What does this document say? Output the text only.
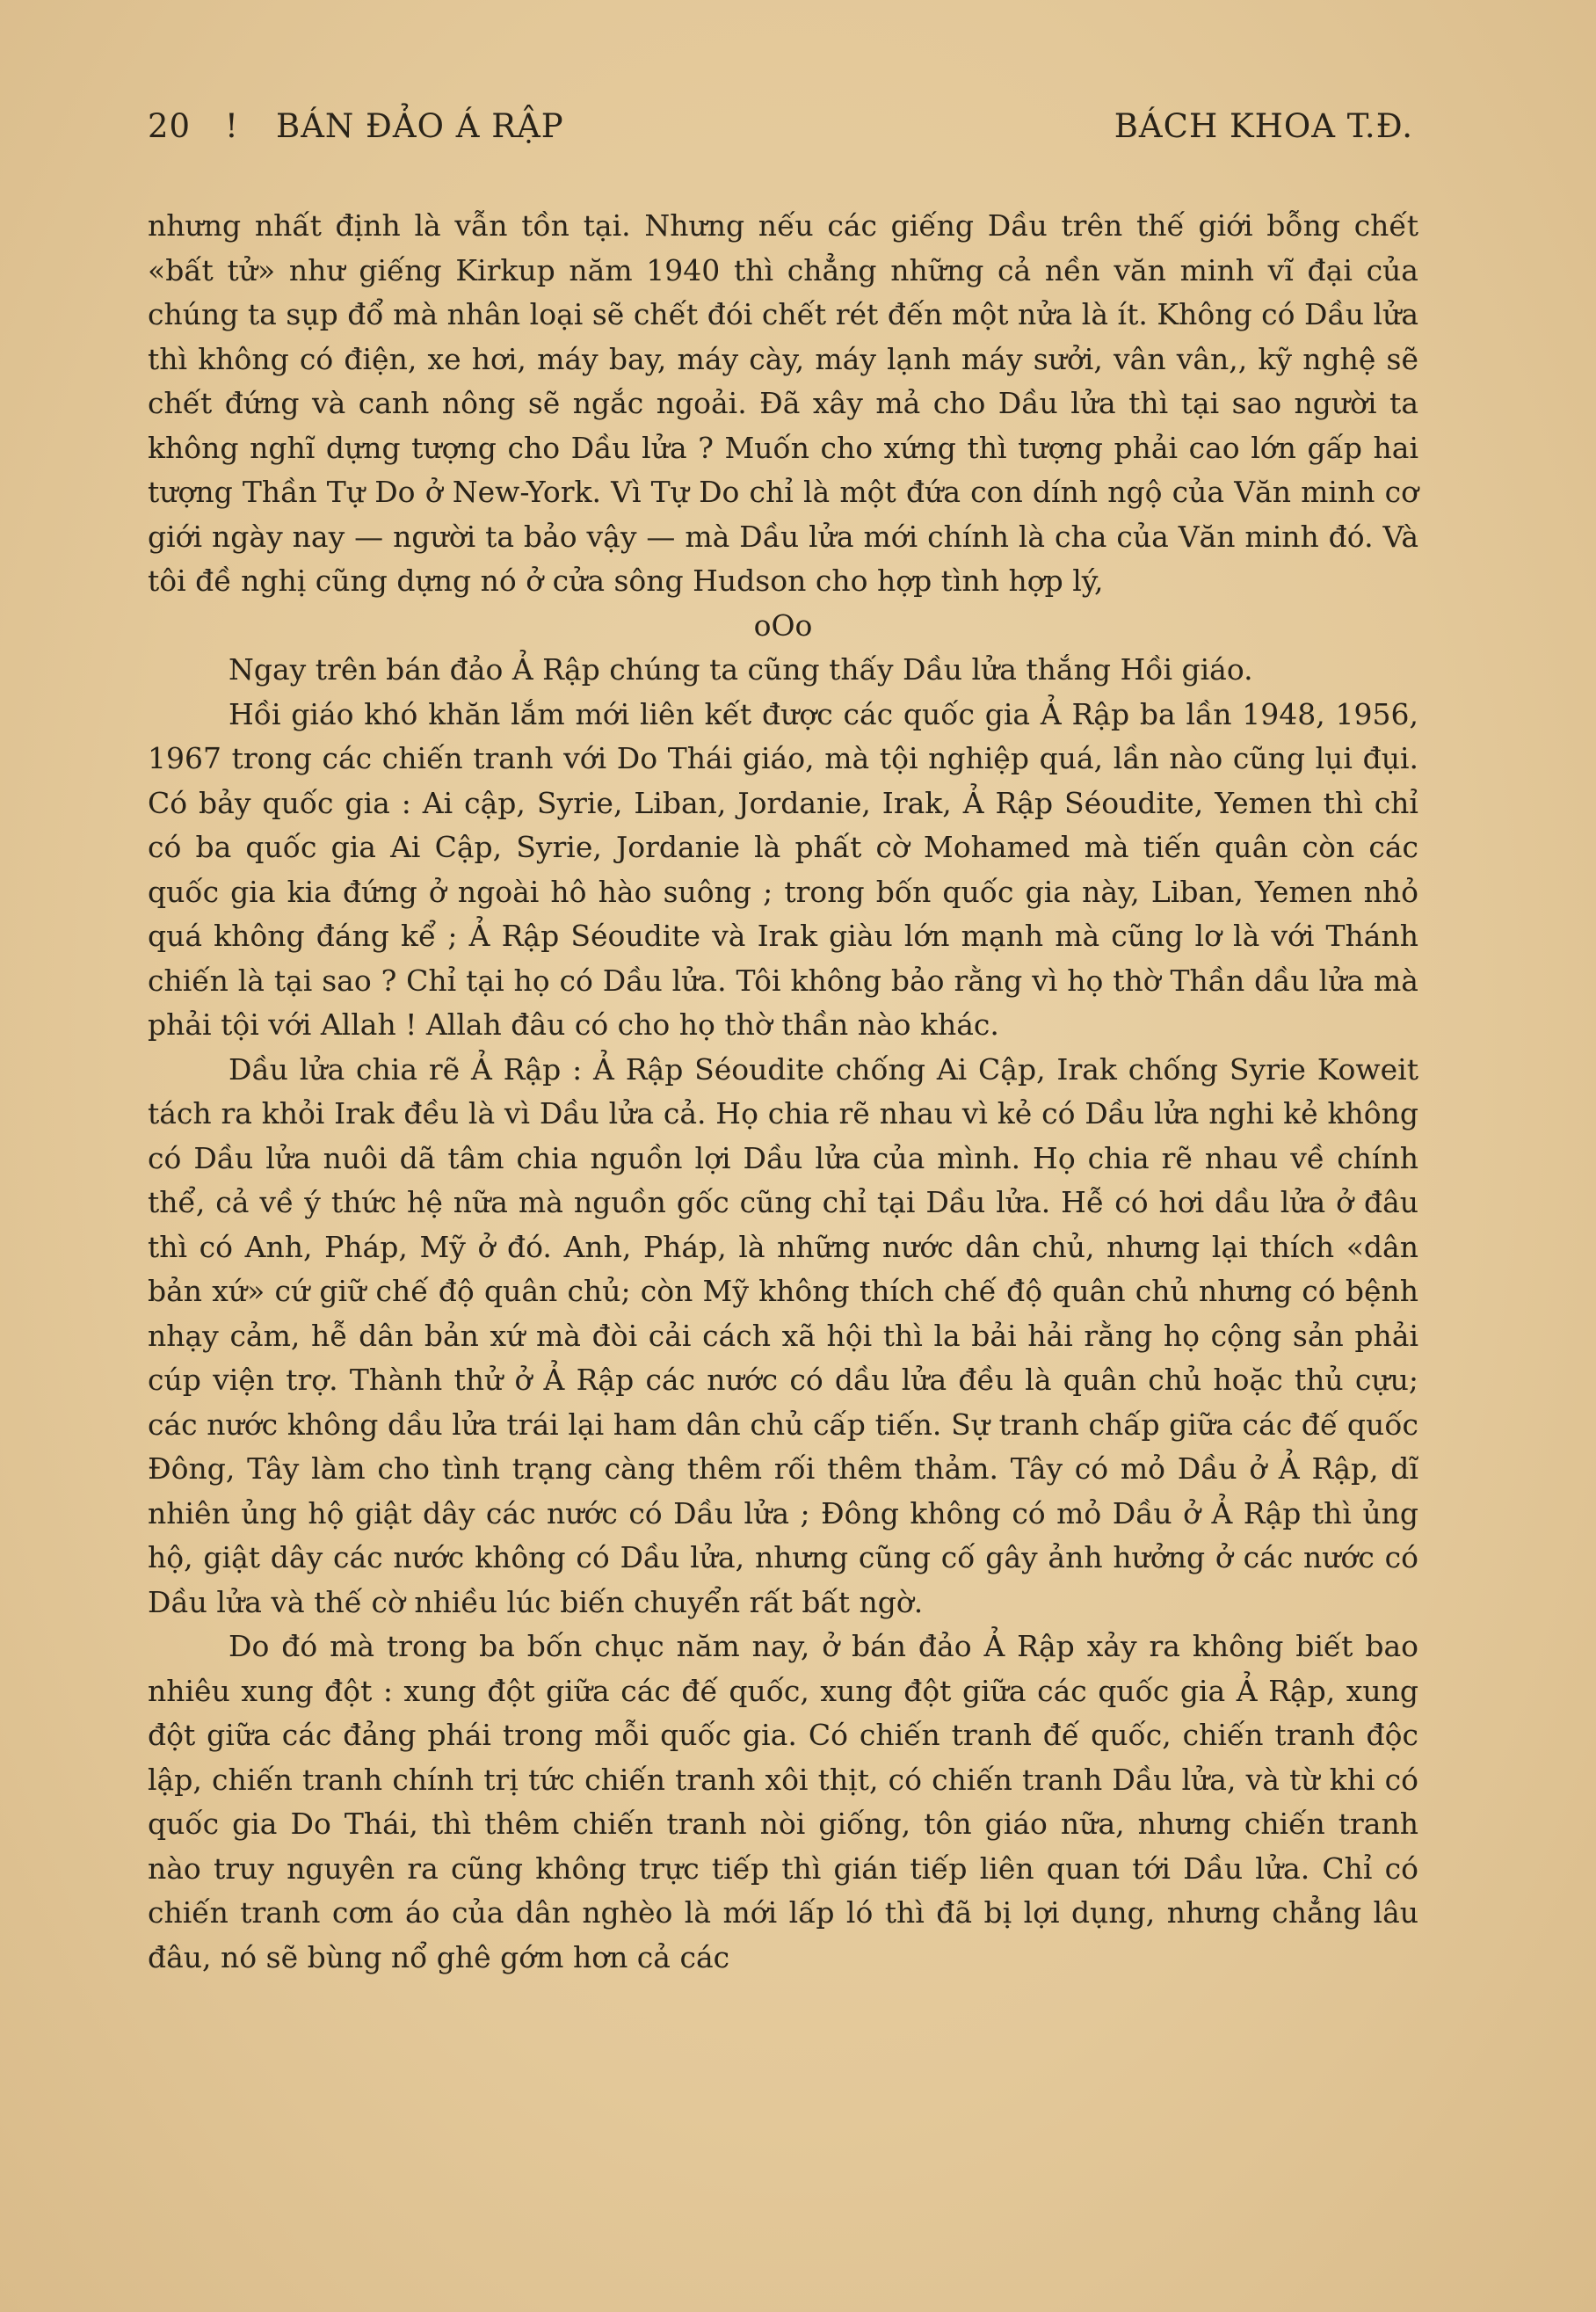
20 ! BÁN ĐẢO Á RẬP	BÁCH KHOA T.Đ.

nhưng nhất định là vẫn tồn tại. Nhưng nếu các giếng Dầu trên thế giới bỗng chết «bất tử» như giếng Kirkup năm 1940 thì chẳng những cả nền văn minh vĩ đại của chúng ta sụp đổ mà nhân loại sẽ chết đói chết rét đến một nửa là ít. Không có Dầu lửa thì không có điện, xe hơi, máy bay, máy cày, máy lạnh máy sưởi, vân vân,, kỹ nghệ sẽ chết đứng và canh nông sẽ ngắc ngoải. Đã xây mả cho Dầu lửa thì tại sao người ta không nghĩ dựng tượng cho Dầu lửa ? Muốn cho xứng thì tượng phải cao lớn gấp hai tượng Thần Tự Do ở New-York. Vì Tự Do chỉ là một đứa con dính ngộ của Văn minh cơ giới ngày nay — người ta bảo vậy — mà Dầu lửa mới chính là cha của Văn minh đó. Và tôi đề nghị cũng dựng nó ở cửa sông Hudson cho hợp tình hợp lý,

oOo

Ngay trên bán đảo Ả Rập chúng ta cũng thấy Dầu lửa thắng Hồi giáo.

Hồi giáo khó khăn lắm mới liên kết được các quốc gia Ả Rập ba lần 1948, 1956, 1967 trong các chiến tranh với Do Thái giáo, mà tội nghiệp quá, lần nào cũng lụi đụi. Có bảy quốc gia : Ai cập, Syrie, Liban, Jordanie, Irak, Ả Rập Séoudite, Yemen thì chỉ có ba quốc gia Ai Cập, Syrie, Jordanie là phất cờ Mohamed mà tiến quân còn các quốc gia kia đứng ở ngoài hô hào suông ; trong bốn quốc gia này, Liban, Yemen nhỏ quá không đáng kể ; Ả Rập Séoudite và Irak giàu lớn mạnh mà cũng lơ là với Thánh chiến là tại sao ? Chỉ tại họ có Dầu lửa. Tôi không bảo rằng vì họ thờ Thần dầu lửa mà phải tội với Allah ! Allah đâu có cho họ thờ thần nào khác.

Dầu lửa chia rẽ Ả Rập : Ả Rập Séoudite chống Ai Cập, Irak chống Syrie Koweit tách ra khỏi Irak đều là vì Dầu lửa cả. Họ chia rẽ nhau vì kẻ có Dầu lửa nghi kẻ không có Dầu lửa nuôi dã tâm chia nguồn lợi Dầu lửa của mình. Họ chia rẽ nhau về chính thể, cả về ý thức hệ nữa mà nguồn gốc cũng chỉ tại Dầu lửa. Hễ có hơi dầu lửa ở đâu thì có Anh, Pháp, Mỹ ở đó. Anh, Pháp, là những nước dân chủ, nhưng lại thích «dân bản xứ» cứ giữ chế độ quân chủ; còn Mỹ không thích chế độ quân chủ nhưng có bệnh nhạy cảm, hễ dân bản xứ mà đòi cải cách xã hội thì la bải hải rằng họ cộng sản phải cúp viện trợ. Thành thử ở Ả Rập các nước có dầu lửa đều là quân chủ hoặc thủ cựu; các nước không dầu lửa trái lại ham dân chủ cấp tiến. Sự tranh chấp giữa các đế quốc Đông, Tây làm cho tình trạng càng thêm rối thêm thảm. Tây có mỏ Dầu ở Ả Rập, dĩ nhiên ủng hộ giật dây các nước có Dầu lửa ; Đông không có mỏ Dầu ở Ả Rập thì ủng hộ, giật dây các nước không có Dầu lửa, nhưng cũng cố gây ảnh hưởng ở các nước có Dầu lửa và thế cờ nhiều lúc biến chuyển rất bất ngờ.

Do đó mà trong ba bốn chục năm nay, ở bán đảo Ả Rập xảy ra không biết bao nhiêu xung đột : xung đột giữa các đế quốc, xung đột giữa các quốc gia Ả Rập, xung đột giữa các đảng phái trong mỗi quốc gia. Có chiến tranh đế quốc, chiến tranh độc lập, chiến tranh chính trị tức chiến tranh xôi thịt, có chiến tranh Dầu lửa, và từ khi có quốc gia Do Thái, thì thêm chiến tranh nòi giống, tôn giáo nữa, nhưng chiến tranh nào truy nguyên ra cũng không trực tiếp thì gián tiếp liên quan tới Dầu lửa. Chỉ có chiến tranh cơm áo của dân nghèo là mới lấp ló thì đã bị lợi dụng, nhưng chẳng lâu đâu, nó sẽ bùng nổ ghê gớm hơn cả các
